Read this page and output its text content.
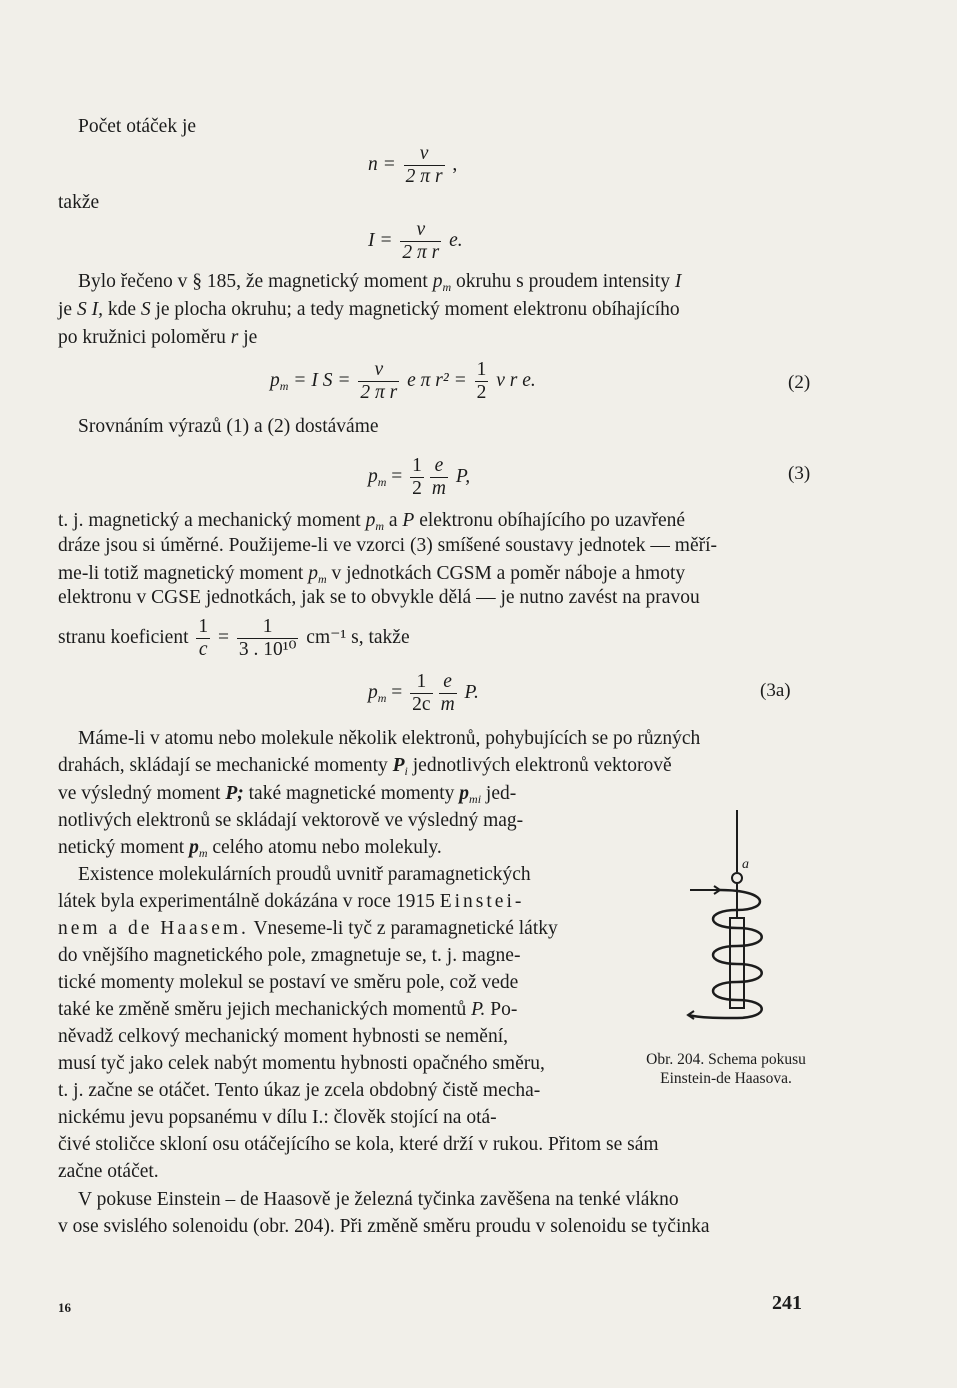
Počet otáček je
$n = \frac{v}{\text{2 π r}}$ ,
takže
$I = \frac{v}{\text{2 π r}} e$.
Bylo řečeno v § 185, že magnetický moment $p_m$ okruhu s proudem intensity I
je S I, kde S je plocha okruhu; a tedy magnetický moment elektronu obíhajícího
po kružnici poloměru r je
$p_m = I$ $S = \frac{v}{\text{2 π r}}$ e π $r^2 = \frac{1}{2}$ v r e.	(2)
Srovnáním výrazů (1) a (2) dostáváme
$p_m = \frac{1}{2} \frac{e}{m} P$,	(3)
t. j. magnetický a mechanický moment $p_m$ a P elektronu obíhajícího po uzavřené
dráze jsou si úměrné. Použijeme-li ve vzorci (3) smíšené soustavy jednotek — měří-
me-li totiž magnetický moment $p_m$ v jednotkách CGSM a poměr náboje a hmoty
elektronu v CGSE jednotkách, jak se to obvykle dělá — je nutno zavést na pravou
stranu koeficient $\frac{1}{c} = \frac{1}{\text{3 . 10¹⁰}} cm^{-1}$ s, takže
$p_m = \frac{1}{2c} \frac{e}{m} P$.	(3a)
Máme-li v atomu nebo molekule několik elektronů, pohybujících se po různých
drahách, skládají se mechanické momenty $P_i$ jednotlivých elektronů vektorově
ve výsledný moment P; také magnetické momenty $p_{mi}$ jed-
notlivých elektronů se skládají vektorově ve výsledný mag-
netický moment $p_m$ celého atomu nebo molekuly.
Existence molekulárních proudů uvnitř paramagnetických
látek byla experimentálně dokázána v roce 1915 Einstei-
nem a de Haasem. Vneseme-li tyč z paramagnetické látky
do vnějšího magnetického pole, zmagnetuje se, t. j. magne-
tické momenty molekul se postaví ve směru pole, což vede
také ke změně směru jejich mechanických momentů P. Po-
něvadž celkový mechanický moment hybnosti se nemění,
musí tyč jako celek nabýt momentu hybnosti opačného směru,
t. j. začne se otáčet. Tento úkaz je zcela obdobný čistě mecha-
nickému jevu popsanému v dílu I.: člověk stojící na otá-
čivé stoličce skloní osu otáčejícího se kola, které drží v rukou. Přitom se sám
začne otáčet.
V pokuse Einstein – de Haasově je železná tyčinka zavěšena na tenké vlákno
v ose svislého solenoidu (obr. 204). Při změně směru proudu v solenoidu se tyčinka
a
Obr. 204. Schema pokusu Einstein-de Haasova.
16	241
